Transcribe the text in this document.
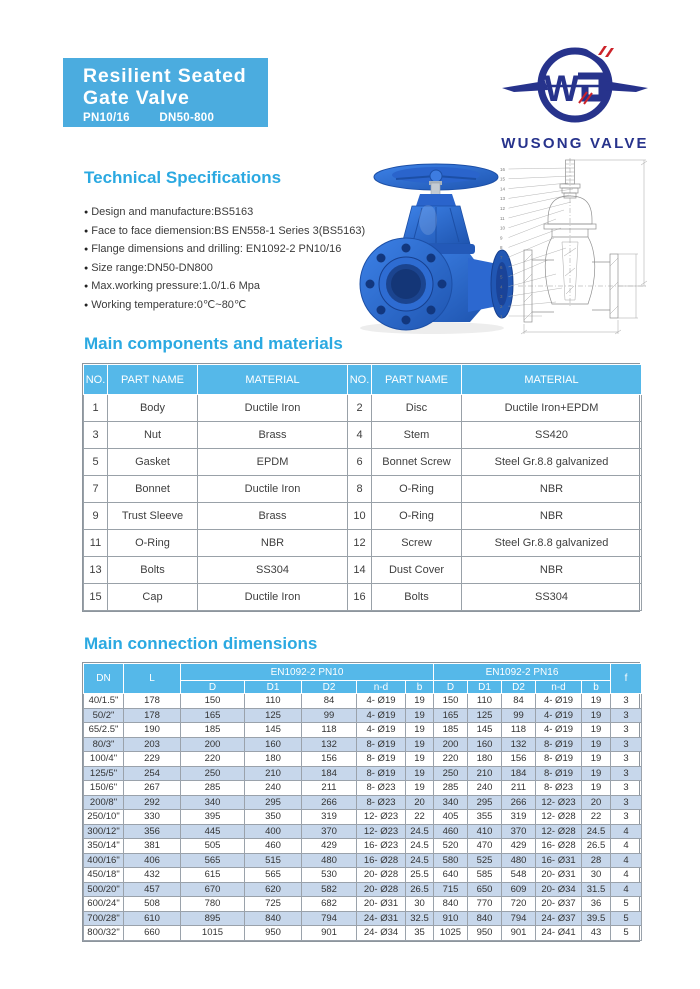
Resilient Seated
Gate Valve
PN10/16	DN50-800
W
WUSONG VALVE
Technical Specifications
● Design and manufacture:BS5163
● Face to face diemension:BS EN558-1 Series 3(BS5163)
● Flange dimensions and drilling: EN1092-2 PN10/16
● Size range:DN50-DN800
● Max.working pressure:1.0/1.6 Mpa
● Working temperature:0℃~80℃
16
15
14
13
12
11
10
9
8
7
6
5
4
3
2
1
Main components and materials
NO.	PART NAME	MATERIAL	NO.	PART NAME	MATERIAL
1	Body	Ductile Iron	2	Disc	Ductile Iron+EPDM
3	Nut	Brass	4	Stem	SS420
5	Gasket	EPDM	6	Bonnet Screw	Steel Gr.8.8 galvanized
7	Bonnet	Ductile Iron	8	O-Ring	NBR
9	Trust Sleeve	Brass	10	O-Ring	NBR
11	O-Ring	NBR	12	Screw	Steel Gr.8.8 galvanized
13	Bolts	SS304	14	Dust Cover	NBR
15	Cap	Ductile Iron	16	Bolts	SS304
Main connection dimensions
DN	L	EN1092-2 PN10					EN1092-2 PN16					f
		D	D1	D2	n-d	b	D	D1	D2	n-d	b	
40/1.5"	178	150	110	84	4- Ø19	19	150	110	84	4- Ø19	19	3
50/2"	178	165	125	99	4- Ø19	19	165	125	99	4- Ø19	19	3
65/2.5"	190	185	145	118	4- Ø19	19	185	145	118	4- Ø19	19	3
80/3"	203	200	160	132	8- Ø19	19	200	160	132	8- Ø19	19	3
100/4"	229	220	180	156	8- Ø19	19	220	180	156	8- Ø19	19	3
125/5"	254	250	210	184	8- Ø19	19	250	210	184	8- Ø19	19	3
150/6"	267	285	240	211	8- Ø23	19	285	240	211	8- Ø23	19	3
200/8"	292	340	295	266	8- Ø23	20	340	295	266	12- Ø23	20	3
250/10"	330	395	350	319	12- Ø23	22	405	355	319	12- Ø28	22	3
300/12"	356	445	400	370	12- Ø23	24.5	460	410	370	12- Ø28	24.5	4
350/14"	381	505	460	429	16- Ø23	24.5	520	470	429	16- Ø28	26.5	4
400/16"	406	565	515	480	16- Ø28	24.5	580	525	480	16- Ø31	28	4
450/18"	432	615	565	530	20- Ø28	25.5	640	585	548	20- Ø31	30	4
500/20"	457	670	620	582	20- Ø28	26.5	715	650	609	20- Ø34	31.5	4
600/24"	508	780	725	682	20- Ø31	30	840	770	720	20- Ø37	36	5
700/28"	610	895	840	794	24- Ø31	32.5	910	840	794	24- Ø37	39.5	5
800/32"	660	1015	950	901	24- Ø34	35	1025	950	901	24- Ø41	43	5
